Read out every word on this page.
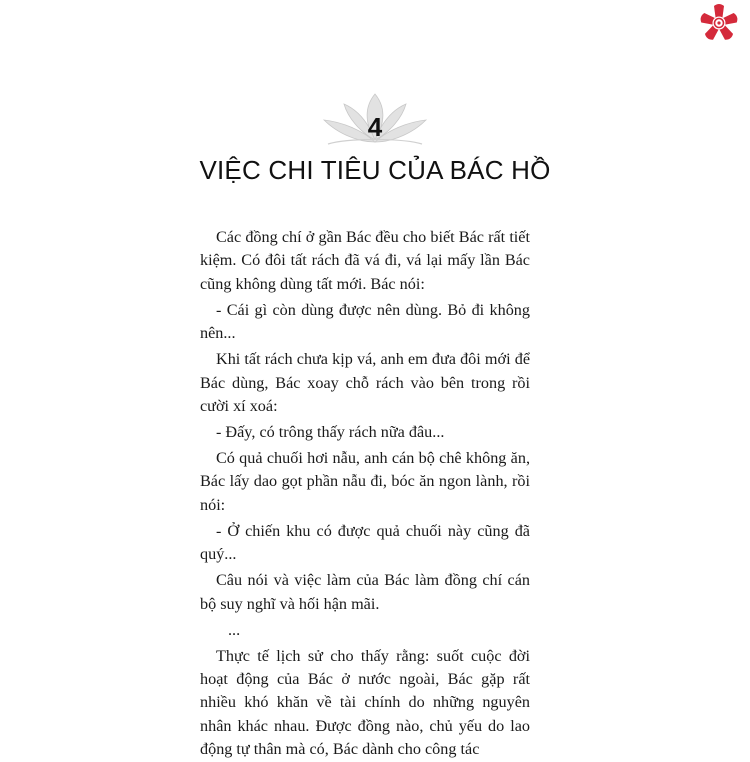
4
VIỆC CHI TIÊU CỦA BÁC HỒ

Các đồng chí ở gần Bác đều cho biết Bác rất tiết kiệm. Có đôi tất rách đã vá đi, vá lại mấy lần Bác cũng không dùng tất mới. Bác nói:

- Cái gì còn dùng được nên dùng. Bỏ đi không nên...

Khi tất rách chưa kịp vá, anh em đưa đôi mới để Bác dùng, Bác xoay chỗ rách vào bên trong rồi cười xí xoá:

- Đấy, có trông thấy rách nữa đâu...

Có quả chuối hơi nẫu, anh cán bộ chê không ăn, Bác lấy dao gọt phần nẫu đi, bóc ăn ngon lành, rồi nói:

- Ở chiến khu có được quả chuối này cũng đã quý...

Câu nói và việc làm của Bác làm đồng chí cán bộ suy nghĩ và hối hận mãi.

...

Thực tế lịch sử cho thấy rằng: suốt cuộc đời hoạt động của Bác ở nước ngoài, Bác gặp rất nhiều khó khăn về tài chính do những nguyên nhân khác nhau. Được đồng nào, chủ yếu do lao động tự thân mà có, Bác dành cho công tác
